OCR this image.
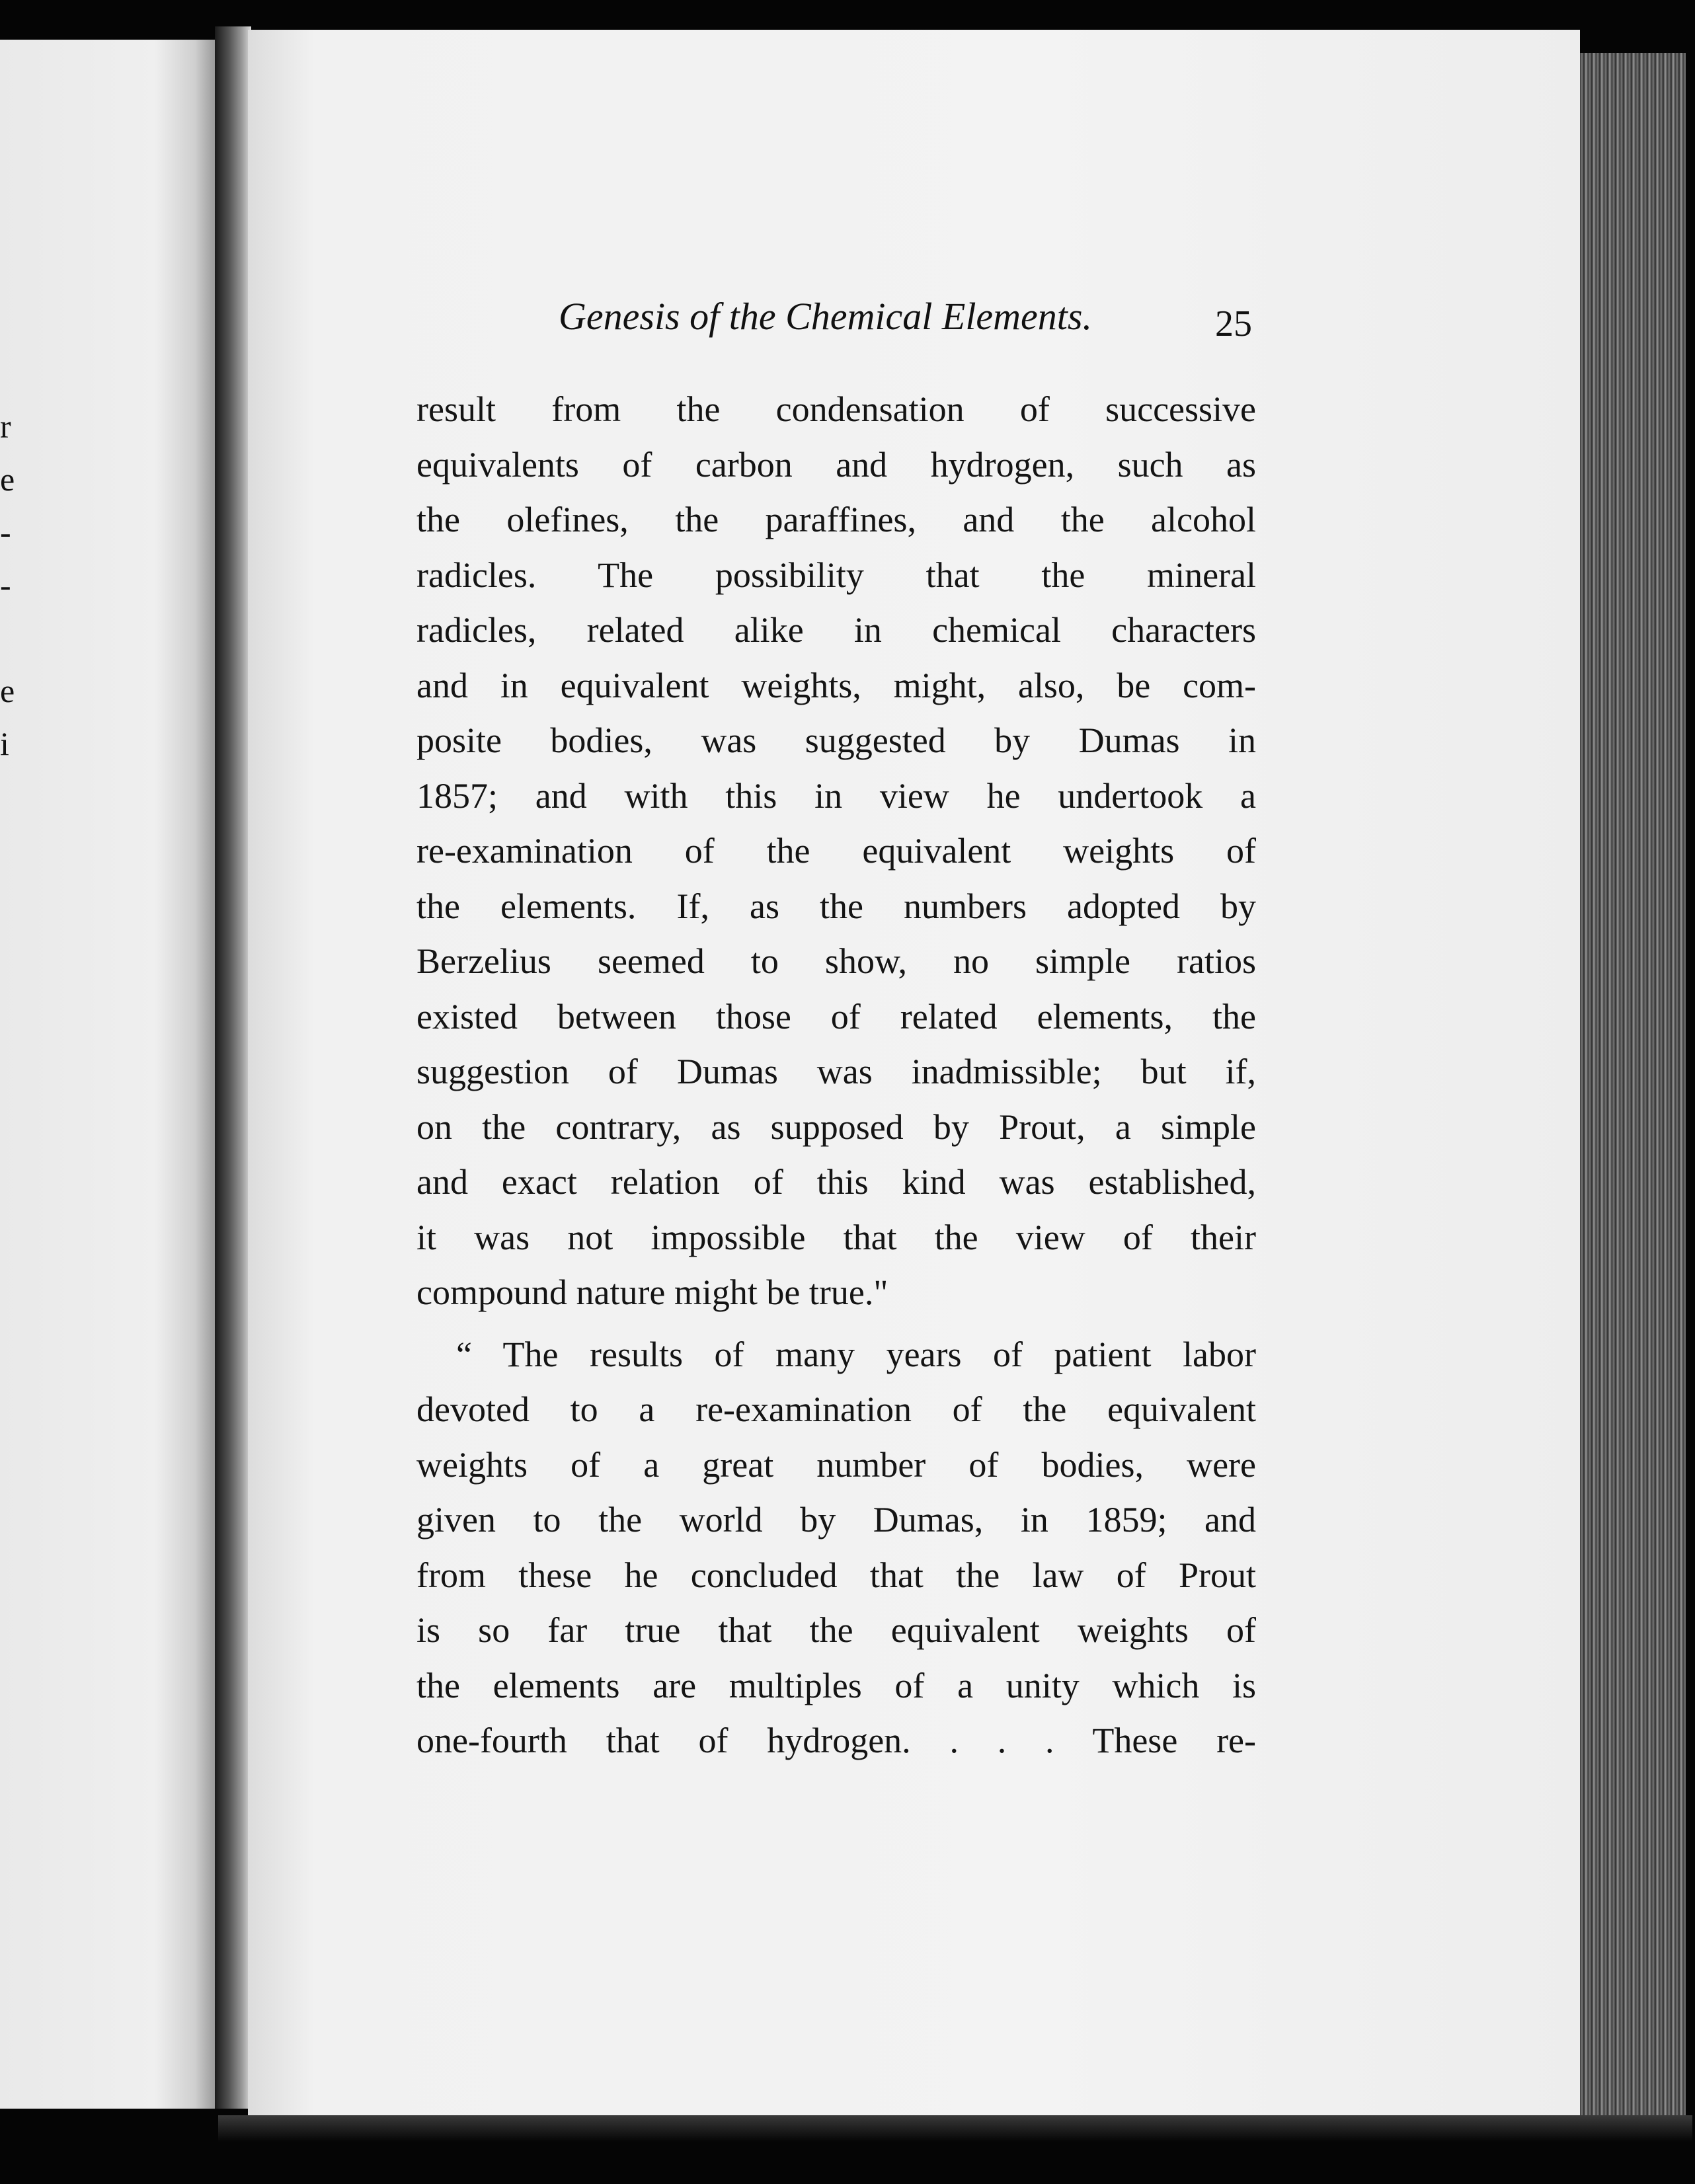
r
e
-
-
e
i
Genesis of the Chemical Elements.	25
result from the condensation of successive
equivalents of carbon and hydrogen, such as
the olefines, the paraffines, and the alcohol
radicles. The possibility that the mineral
radicles, related alike in chemical characters
and in equivalent weights, might, also, be com-
posite bodies, was suggested by Dumas in
1857; and with this in view he undertook a
re-examination of the equivalent weights of
the elements. If, as the numbers adopted by
Berzelius seemed to show, no simple ratios
existed between those of related elements, the
suggestion of Dumas was inadmissible; but if,
on the contrary, as supposed by Prout, a simple
and exact relation of this kind was established,
it was not impossible that the view of their
compound nature might be true."
“ The results of many years of patient labor
devoted to a re-examination of the equivalent
weights of a great number of bodies, were
given to the world by Dumas, in 1859; and
from these he concluded that the law of Prout
is so far true that the equivalent weights of
the elements are multiples of a unity which is
one-fourth that of hydrogen. . . . These re-
